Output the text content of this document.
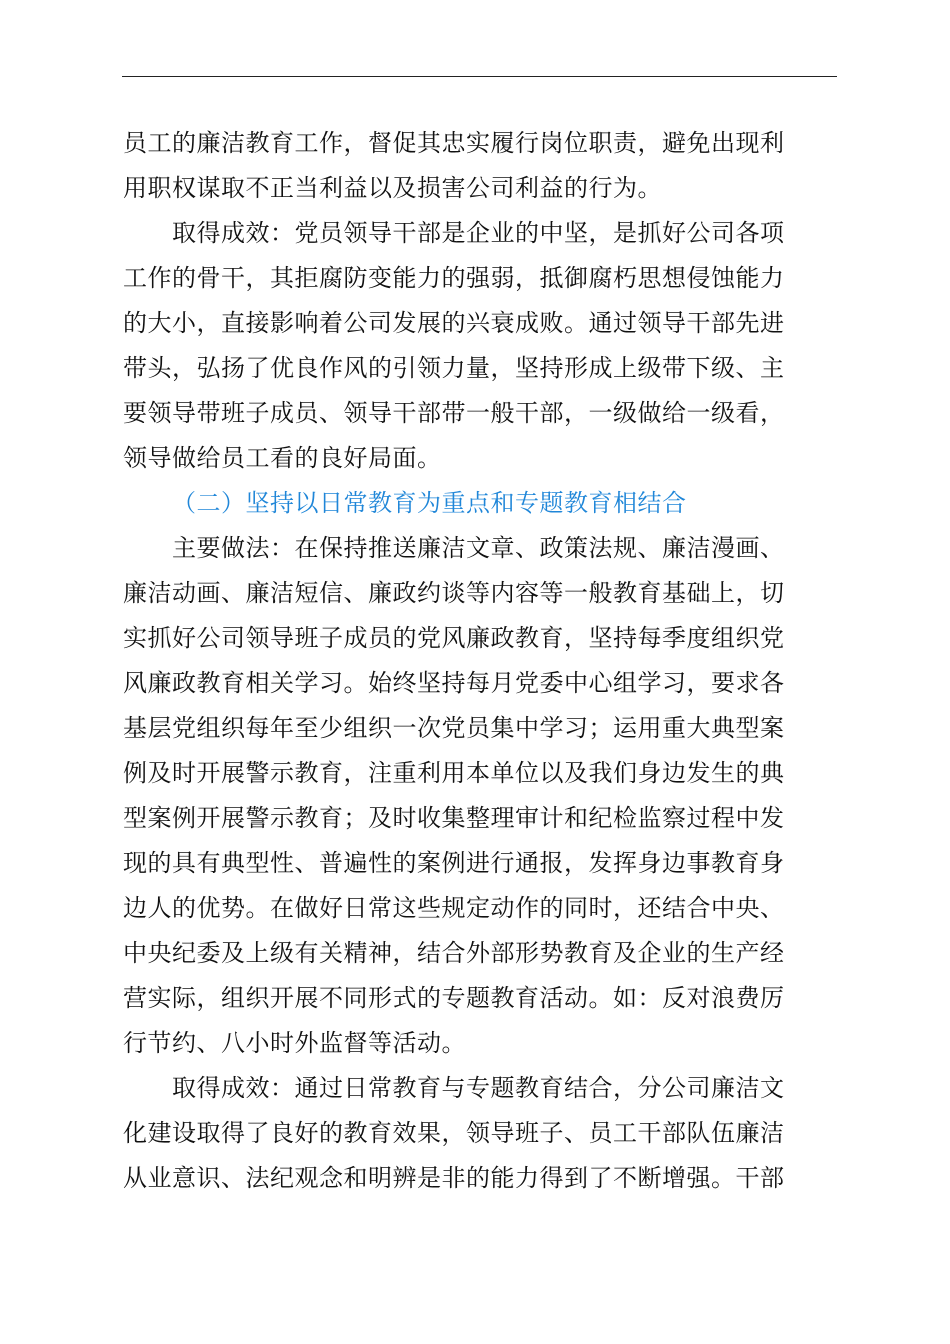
员工的廉洁教育工作，督促其忠实履行岗位职责，避免出现利
用职权谋取不正当利益以及损害公司利益的行为。
取得成效：党员领导干部是企业的中坚，是抓好公司各项
工作的骨干，其拒腐防变能力的强弱，抵御腐朽思想侵蚀能力
的大小，直接影响着公司发展的兴衰成败。通过领导干部先进
带头，弘扬了优良作风的引领力量，坚持形成上级带下级、主
要领导带班子成员、领导干部带一般干部，一级做给一级看，
领导做给员工看的良好局面。
（二）坚持以日常教育为重点和专题教育相结合
主要做法：在保持推送廉洁文章、政策法规、廉洁漫画、
廉洁动画、廉洁短信、廉政约谈等内容等一般教育基础上，切
实抓好公司领导班子成员的党风廉政教育，坚持每季度组织党
风廉政教育相关学习。始终坚持每月党委中心组学习，要求各
基层党组织每年至少组织一次党员集中学习；运用重大典型案
例及时开展警示教育，注重利用本单位以及我们身边发生的典
型案例开展警示教育；及时收集整理审计和纪检监察过程中发
现的具有典型性、普遍性的案例进行通报，发挥身边事教育身
边人的优势。在做好日常这些规定动作的同时，还结合中央、
中央纪委及上级有关精神，结合外部形势教育及企业的生产经
营实际，组织开展不同形式的专题教育活动。如：反对浪费厉
行节约、八小时外监督等活动。
取得成效：通过日常教育与专题教育结合，分公司廉洁文
化建设取得了良好的教育效果，领导班子、员工干部队伍廉洁
从业意识、法纪观念和明辨是非的能力得到了不断增强。干部
